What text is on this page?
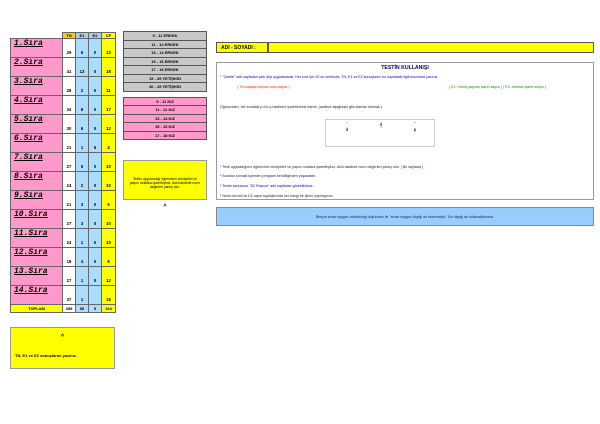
	TN	E1	E2	CP
1.Sıra	29	6	0	13
2.Sıra	41	13	0	18
3.Sıra	28	2	0	11
4.Sıra	34	8	0	17
5.Sıra	30	6	0	12
6.Sıra	21	1	5	4
7.Sıra	27	5	0	10
8.Sıra	24	2	0	10
9.Sıra	21	3	0	6
10.Sıra	27	3	0	10
11.Sıra	24	1	0	10
12.Sıra	18	4	0	6
13.Sıra	27	1	0	12
14.Sıra	37	1		15
TOPLAM	358	55	5	164
^
TN, E1 ve E2 sonuçlarını yazınız.
9 - 11 ERKEK
11 - 12 ERKEK
13 - 14 ERKEK
15 - 16 ERKEK
17 - 18 ERKEK
19 - 39 YETİŞKİN
40 - 49 YETİŞKİN

9 - 11 KIZ
11 - 12 KIZ
13 - 14 KIZ
15 - 16 KIZ
17 - 18 KIZ
Testin uygulandığı öğrencinin cinsiyetini ve yaşını mutlaka işaretleyiniz. Aksi takdirde norm değerleri yanlış olur.
^
ADI - SOYADI :
TESTİN KULLANIŞI
* "Çetele" adlı sayfadan çıktı alıp uygulanacak. Her sıra için 20 sn verilecek. TN, E1 ve E2 sonuçlarını bu sayfadaki ilgili kısımlara yazınız.
( TN:ulaşılan toplam soru sayısı )	( E1: Yanlış yapılan işaret sayısı ) ( E2: Atlanan işaret sayısı )
Öğrenciden, her sıradaki p,d,b,q harflerini işaretlemesi istenir. (sadece aşağıdaki gibi olanları bulmak.)
¨
d
d
¨
¨
p
* Testi uyguladığınız öğrencinin cinsiyetini ve yaşını mutlaka işaretleyiniz. Aksi takdirde norm değerleri yanlış olur. ( Bu sayfada )
* Bundan sonraki işlemleri program kendiliğinden yapacaktır.
* Testin sonucunu "D2 Raporu" adlı sayfadan görebilirsiniz.
* Norm-formül ve D2 rapor sayfalarında her hangi bir işlem yapmayınız.
Bireyin sınav kaygısı olabileceği düşüncesi ile "sınav kaygısı ölçeği de eklenmiştir." Bu ölçeği de kullanabilirsiniz.
